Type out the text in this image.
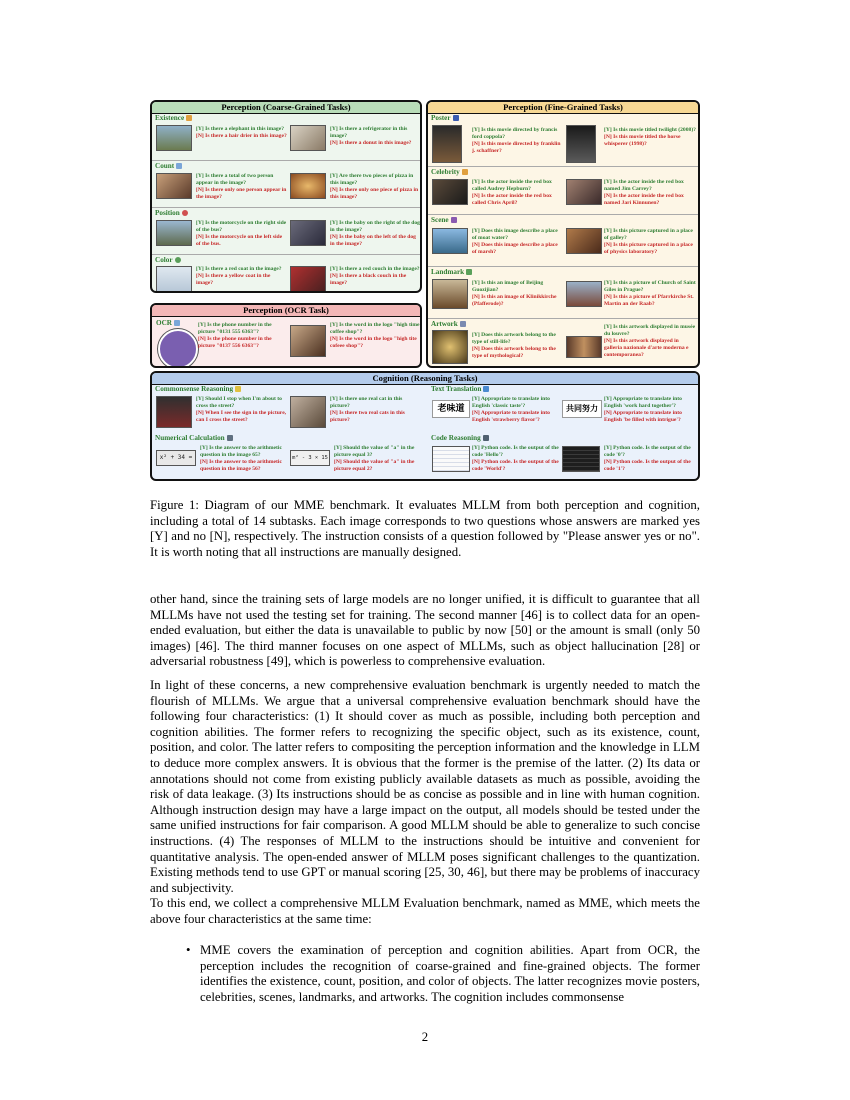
Perception (Coarse-Grained Tasks)
Existence
[Y] Is there a elephant in this image?
[N] Is there a hair drier in this image?
[Y] Is there a refrigerator in this image?
[N] Is there a donut in this image?
Count
[Y] Is there a total of two person appear in the image?
[N] Is there only one person appear in the image?
[Y] Are there two pieces of pizza in this image?
[N] Is there only one piece of pizza in this image?
Position
[Y] Is the motorcycle on the right side of the bus?
[N] Is the motorcycle on the left side of the bus.
[Y] Is the baby on the right of the dog in the image?
[N] Is the baby on the left of the dog in the image?
Color
[Y] Is there a red coat in the image?
[N] Is there a yellow coat in the image?
[Y] Is there a red couch in the image?
[N] Is there a black couch in the image?
Perception (OCR Task)
OCR	[Y] Is the phone number in the picture "0131 555 6363"?
[N] Is the phone number in the picture "0137 556 6363"?
[Y] Is the word in the logo "high time coffee shop"?
[N] Is the word in the logo "high tite cofeee shop"?
Perception (Fine-Grained Tasks)
Poster
[Y] Is this movie directed by francis ford coppola?
[N] Is this movie directed by franklin j. schaffner?
[Y] Is this movie titled twilight (2008)?
[N] Is this movie titled the horse whisperer (1998)?
Celebrity
[Y] Is the actor inside the red box called Audrey Hepburn?
[N] Is the actor inside the red box called Chris April?
[Y] Is the actor inside the red box named Jim Carrey?
[N] Is the actor inside the red box named Jari Kinnunen?
Scene
[Y] Does this image describe a place of moat water?
[N] Does this image describe a place of marsh?
[Y] Is this picture captured in a place of galley?
[N] Is this picture captured in a place of physics laboratory?
Landmark
[Y] Is this an image of Beijing Guozijian?
[N] Is this an image of Klinikkirche (Pfafferode)?
[Y] Is this a picture of Church of Saint Giles in Prague?
[N] Is this a picture of Pfarrkirche St. Martin an der Raab?
Artwork
[Y] Does this artwork belong to the type of still-life?
[N] Does this artwork belong to the type of mythological?
[Y] Is this artwork displayed in musée du louvre?
[N] Is this artwork displayed in galleria nazionale d'arte moderna e contemporanea?
Cognition (Reasoning Tasks)
Commonsense Reasoning
[Y] Should I stop when I'm about to cross the street?
[N] When I see the sign in the picture, can I cross the street?
[Y] Is there one real cat in this picture?
[N] Is there two real cats in this picture?
Numerical Calculation
x² + 34 =
[Y] Is the answer to the arithmetic question in the image 65?
[N] Is the answer to the arithmetic question in the image 56?
m² - 3 × 15
[Y] Should the value of "a" in the picture equal 3?
[N] Should the value of "a" in the picture equal 2?
Text Translation
老味道
[Y] Appropriate to translate into English 'classic taste'?
[N] Appropriate to translate into English 'strawberry flavor'?
共同努力
[Y] Appropriate to translate into English 'work hard together'?
[N] Appropriate to translate into English 'be filled with intrigue'?
Code Reasoning
[Y] Python code. Is the output of the code 'Hello'?
[N] Python code. Is the output of the code 'World'?
[Y] Python code. Is the output of the code '0'?
[N] Python code. Is the output of the code '1'?
Figure 1: Diagram of our MME benchmark. It evaluates MLLM from both perception and cognition, including a total of 14 subtasks. Each image corresponds to two questions whose answers are marked yes [Y] and no [N], respectively. The instruction consists of a question followed by "Please answer yes or no". It is worth noting that all instructions are manually designed.

other hand, since the training sets of large models are no longer unified, it is difficult to guarantee that all MLLMs have not used the testing set for training. The second manner [46] is to collect data for an open-ended evaluation, but either the data is unavailable to public by now [50] or the amount is small (only 50 images) [46]. The third manner focuses on one aspect of MLLMs, such as object hallucination [28] or adversarial robustness [49], which is powerless to comprehensive evaluation.

In light of these concerns, a new comprehensive evaluation benchmark is urgently needed to match the flourish of MLLMs. We argue that a universal comprehensive evaluation benchmark should have the following four characteristics: (1) It should cover as much as possible, including both perception and cognition abilities. The former refers to recognizing the specific object, such as its existence, count, position, and color. The latter refers to compositing the perception information and the knowledge in LLM to deduce more complex answers. It is obvious that the former is the premise of the latter. (2) Its data or annotations should not come from existing publicly available datasets as much as possible, avoiding the risk of data leakage. (3) Its instructions should be as concise as possible and in line with human cognition. Although instruction design may have a large impact on the output, all models should be tested under the same unified instructions for fair comparison. A good MLLM should be able to generalize to such concise instructions. (4) The responses of MLLM to the instructions should be intuitive and convenient for quantitative analysis. The open-ended answer of MLLM poses significant challenges to the quantization. Existing methods tend to use GPT or manual scoring [25, 30, 46], but there may be problems of inaccuracy and subjectivity.

To this end, we collect a comprehensive MLLM Evaluation benchmark, named as MME, which meets the above four characteristics at the same time:

• MME covers the examination of perception and cognition abilities. Apart from OCR, the perception includes the recognition of coarse-grained and fine-grained objects. The former identifies the existence, count, position, and color of objects. The latter recognizes movie posters, celebrities, scenes, landmarks, and artworks. The cognition includes commonsense
2
